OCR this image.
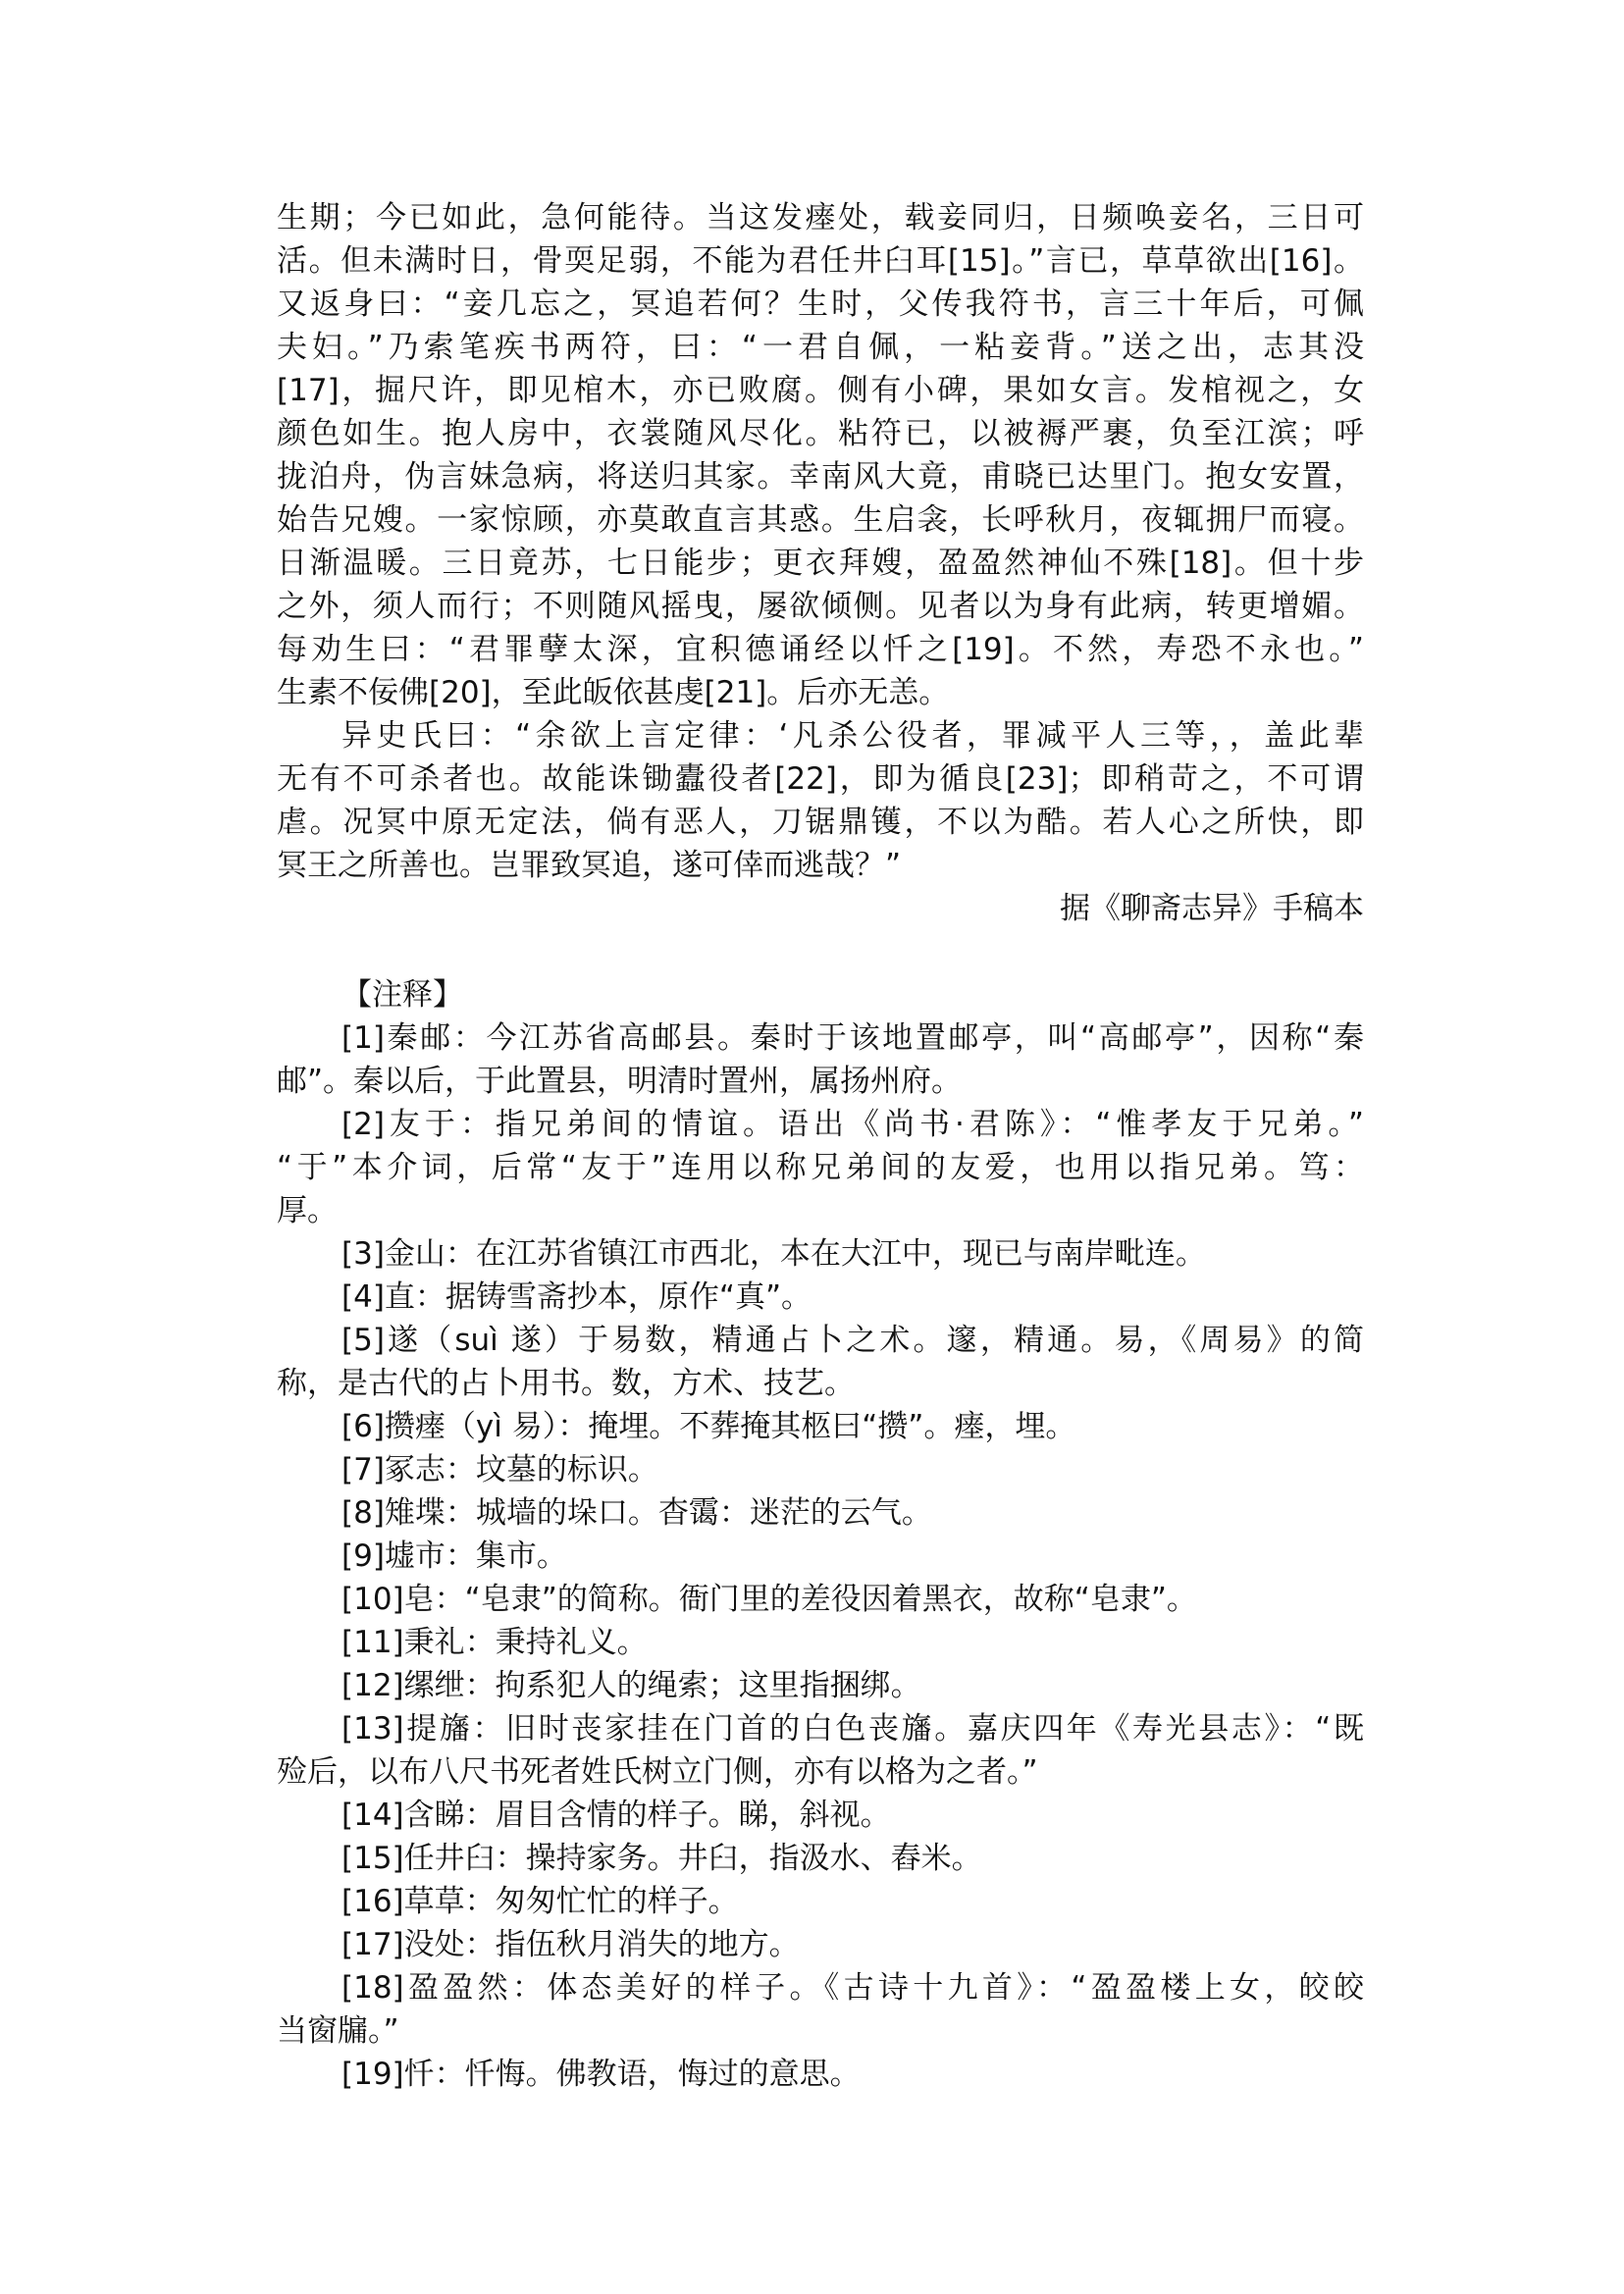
生期；今已如此，急何能待。当这发瘗处，载妾同归，日频唤妾名，三日可
活。但未满时日，骨耎足弱，不能为君任井臼耳[15]。”言已，草草欲出[16]。
又返身曰：“妾几忘之，冥追若何？生时，父传我符书，言三十年后，可佩
夫妇。”乃索笔疾书两符，曰：“一君自佩，一粘妾背。”送之出，志其没
[17]，掘尺许，即见棺木，亦已败腐。侧有小碑，果如女言。发棺视之，女
颜色如生。抱人房中，衣裳随风尽化。粘符已，以被褥严裹，负至江滨；呼
拢泊舟，伪言妹急病，将送归其家。幸南风大竟，甫晓已达里门。抱女安置，
始告兄嫂。一家惊顾，亦莫敢直言其惑。生启衾，长呼秋月，夜辄拥尸而寝。
日渐温暖。三日竟苏，七日能步；更衣拜嫂，盈盈然神仙不殊[18]。但十步
之外，须人而行；不则随风摇曳，屡欲倾侧。见者以为身有此病，转更增媚。
每劝生曰：“君罪孽太深，宜积德诵经以忏之[19]。不然，寿恐不永也。”
生素不佞佛[20]，至此皈依甚虔[21]。后亦无恙。
异史氏曰：“余欲上言定律：‘凡杀公役者，罪减平人三等，，盖此辈
无有不可杀者也。故能诛锄蠹役者[22]，即为循良[23]；即稍苛之，不可谓
虐。况冥中原无定法，倘有恶人，刀锯鼎镬，不以为酷。若人心之所快，即
冥王之所善也。岂罪致冥追，遂可倖而逃哉？”
据《聊斋志异》手稿本
【注释】
[1]秦邮：今江苏省高邮县。秦时于该地置邮亭，叫“高邮亭”，因称“秦
邮”。秦以后，于此置县，明清时置州，属扬州府。
[2]友于：指兄弟间的情谊。语出《尚书·君陈》：“惟孝友于兄弟。”
“于”本介词，后常“友于”连用以称兄弟间的友爱，也用以指兄弟。笃：
厚。
[3]金山：在江苏省镇江市西北，本在大江中，现已与南岸毗连。
[4]直：据铸雪斋抄本，原作“真”。
[5]遂（suì 遂）于易数，精通占卜之术。邃，精通。易，《周易》的简
称，是古代的占卜用书。数，方术、技艺。
[6]攒瘗（yì 易）：掩埋。不葬掩其柩曰“攒”。瘗，埋。
[7]冢志：坟墓的标识。
[8]雉堞：城墙的垛口。杳霭：迷茫的云气。
[9]墟市：集市。
[10]皂：“皂隶”的简称。衙门里的差役因着黑衣，故称“皂隶”。
[11]秉礼：秉持礼义。
[12]缧绁：拘系犯人的绳索；这里指捆绑。
[13]提旛：旧时丧家挂在门首的白色丧旛。嘉庆四年《寿光县志》：“既
殓后，以布八尺书死者姓氏树立门侧，亦有以格为之者。”
[14]含睇：眉目含情的样子。睇，斜视。
[15]任井臼：操持家务。井臼，指汲水、舂米。
[16]草草：匆匆忙忙的样子。
[17]没处：指伍秋月消失的地方。
[18]盈盈然：体态美好的样子。《古诗十九首》：“盈盈楼上女，皎皎
当窗牖。”
[19]忏：忏悔。佛教语，悔过的意思。
